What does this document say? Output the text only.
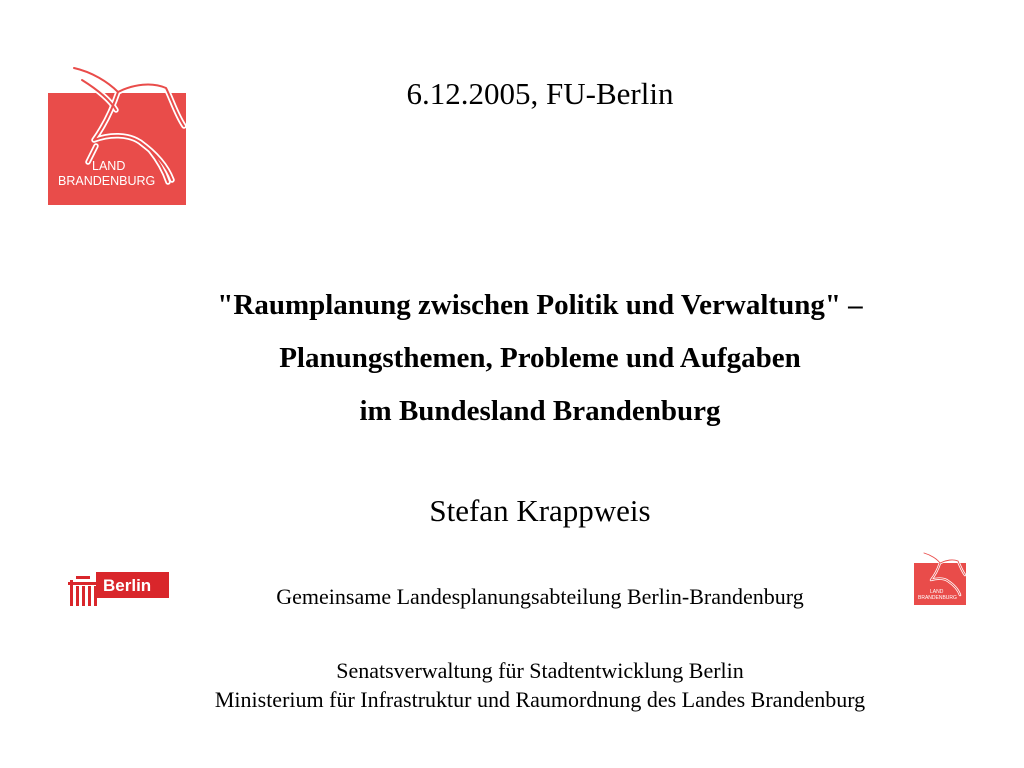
LAND
BRANDENBURG
6.12.2005, FU-Berlin
"Raumplanung zwischen Politik und Verwaltung" –
Planungsthemen, Probleme und Aufgaben
im Bundesland Brandenburg
Stefan Krappweis
Berlin	Gemeinsame Landesplanungsabteilung Berlin-Brandenburg	LAND
BRANDENBURG
Senatsverwaltung für Stadtentwicklung Berlin
Ministerium für Infrastruktur und Raumordnung des Landes Brandenburg
